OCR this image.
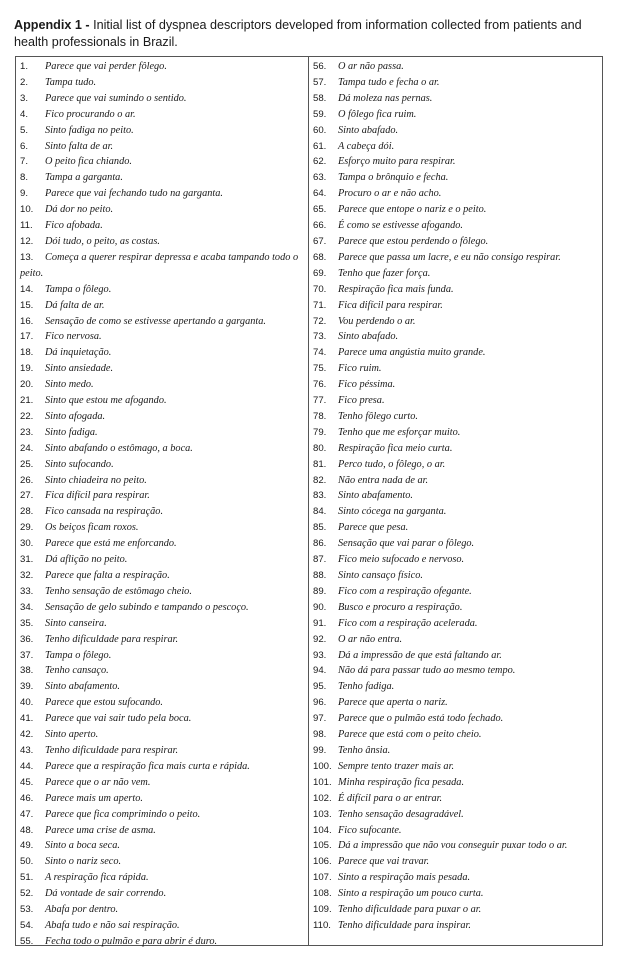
Appendix 1 - Initial list of dyspnea descriptors developed from information collected from patients and health professionals in Brazil.
1.	Parece que vai perder fôlego.
2.	Tampa tudo.
3.	Parece que vai sumindo o sentido.
4.	Fico procurando o ar.
5.	Sinto fadiga no peito.
6.	Sinto falta de ar.
7.	O peito fica chiando.
8.	Tampa a garganta.
9.	Parece que vai fechando tudo na garganta.
10.	Dá dor no peito.
11.	Fico afobada.
12.	Dói tudo, o peito, as costas.
13. Começa a querer respirar depressa e acaba tampando todo o peito.
14.	Tampa o fôlego.
15.	Dá falta de ar.
16.	Sensação de como se estivesse apertando a garganta.
17.	Fico nervosa.
18.	Dá inquietação.
19.	Sinto ansiedade.
20.	Sinto medo.
21.	Sinto que estou me afogando.
22.	Sinto afogada.
23.	Sinto fadiga.
24.	Sinto abafando o estômago, a boca.
25.	Sinto sufocando.
26.	Sinto chiadeira no peito.
27.	Fica difícil para respirar.
28.	Fico cansada na respiração.
29.	Os beiços ficam roxos.
30.	Parece que está me enforcando.
31.	Dá aflição no peito.
32.	Parece que falta a respiração.
33.	Tenho sensação de estômago cheio.
34.	Sensação de gelo subindo e tampando o pescoço.
35.	Sinto canseira.
36.	Tenho dificuldade para respirar.
37.	Tampa o fôlego.
38.	Tenho cansaço.
39.	Sinto abafamento.
40.	Parece que estou sufocando.
41.	Parece que vai sair tudo pela boca.
42.	Sinto aperto.
43.	Tenho dificuldade para respirar.
44.	Parece que a respiração fica mais curta e rápida.
45.	Parece que o ar não vem.
46.	Parece mais um aperto.
47.	Parece que fica comprimindo o peito.
48.	Parece uma crise de asma.
49.	Sinto a boca seca.
50.	Sinto o nariz seco.
51.	A respiração fica rápida.
52.	Dá vontade de sair correndo.
53.	Abafa por dentro.
54.	Abafa tudo e não sai respiração.
55.	Fecha todo o pulmão e para abrir é duro.
56.	O ar não passa.
57.	Tampa tudo e fecha o ar.
58.	Dá moleza nas pernas.
59.	O fôlego fica ruim.
60.	Sinto abafado.
61.	A cabeça dói.
62.	Esforço muito para respirar.
63.	Tampa o brônquio e fecha.
64.	Procuro o ar e não acho.
65.	Parece que entope o nariz e o peito.
66.	É como se estivesse afogando.
67.	Parece que estou perdendo o fôlego.
68.	Parece que passa um lacre, e eu não consigo respirar.
69.	Tenho que fazer força.
70.	Respiração fica mais funda.
71.	Fica difícil para respirar.
72.	Vou perdendo o ar.
73.	Sinto abafado.
74.	Parece uma angústia muito grande.
75.	Fico ruim.
76.	Fico péssima.
77.	Fico presa.
78.	Tenho fôlego curto.
79.	Tenho que me esforçar muito.
80.	Respiração fica meio curta.
81.	Perco tudo, o fôlego, o ar.
82.	Não entra nada de ar.
83.	Sinto abafamento.
84.	Sinto cócega na garganta.
85.	Parece que pesa.
86.	Sensação que vai parar o fôlego.
87.	Fico meio sufocado e nervoso.
88.	Sinto cansaço físico.
89.	Fico com a respiração ofegante.
90.	Busco e procuro a respiração.
91.	Fico com a respiração acelerada.
92.	O ar não entra.
93.	Dá a impressão de que está faltando ar.
94.	Não dá para passar tudo ao mesmo tempo.
95.	Tenho fadiga.
96.	Parece que aperta o nariz.
97.	Parece que o pulmão está todo fechado.
98.	Parece que está com o peito cheio.
99.	Tenho ânsia.
100. Sempre tento trazer mais ar.
101. Minha respiração fica pesada.
102. É difícil para o ar entrar.
103. Tenho sensação desagradável.
104. Fico sufocante.
105. Dá a impressão que não vou conseguir puxar todo o ar.
106. Parece que vai travar.
107. Sinto a respiração mais pesada.
108. Sinto a respiração um pouco curta.
109. Tenho dificuldade para puxar o ar.
110. Tenho dificuldade para inspirar.
